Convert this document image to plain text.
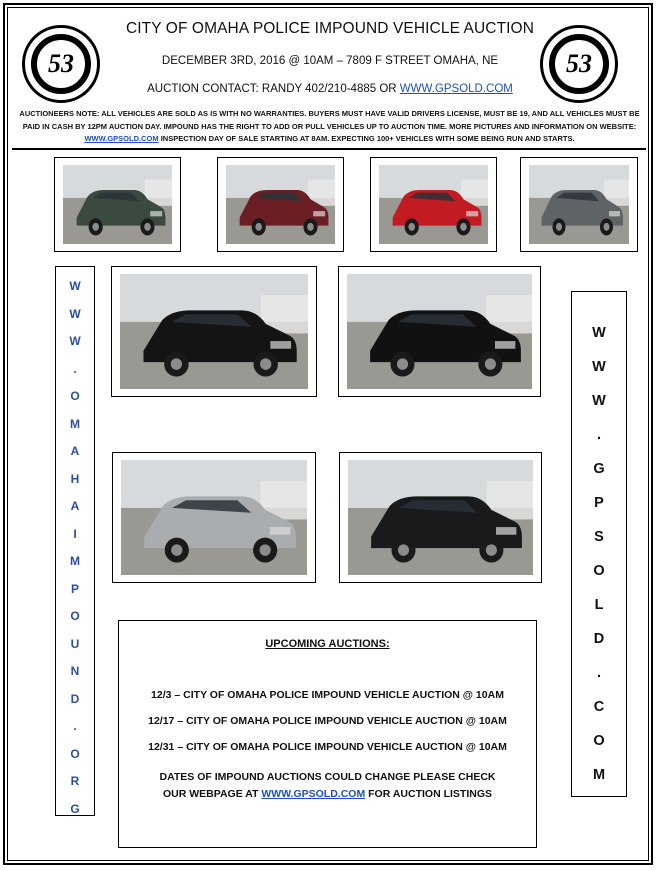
53	53
CITY OF OMAHA POLICE IMPOUND VEHICLE AUCTION
DECEMBER 3RD, 2016 @ 10AM – 7809 F STREET OMAHA, NE
AUCTION CONTACT: RANDY 402/210-4885 OR WWW.GPSOLD.COM
AUCTIONEERS NOTE: ALL VEHICLES ARE SOLD AS IS WITH NO WARRANTIES. BUYERS MUST HAVE VALID DRIVERS LICENSE, MUST BE 19, AND ALL VEHICLES MUST BE PAID IN CASH BY 12PM AUCTION DAY. IMPOUND HAS THE RIGHT TO ADD OR PULL VEHICLES UP TO AUCTION TIME. MORE PICTURES AND INFORMATION ON WEBSITE: WWW.GPSOLD.COM INSPECTION DAY OF SALE STARTING AT 8AM. EXPECTING 100+ VEHICLES WITH SOME BEING RUN AND STARTS.
W
W
W
.
O
M
A
H
A
I
M
P
O
U
N
D
.
O
R
G
W
W
W
.
G
P
S
O
L
D
.
C
O
M
UPCOMING AUCTIONS:
12/3 – CITY OF OMAHA POLICE IMPOUND VEHICLE AUCTION @ 10AM
12/17 – CITY OF OMAHA POLICE IMPOUND VEHICLE AUCTION @ 10AM
12/31 – CITY OF OMAHA POLICE IMPOUND VEHICLE AUCTION @ 10AM
DATES OF IMPOUND AUCTIONS COULD CHANGE PLEASE CHECK OUR WEBPAGE AT WWW.GPSOLD.COM FOR AUCTION LISTINGS
